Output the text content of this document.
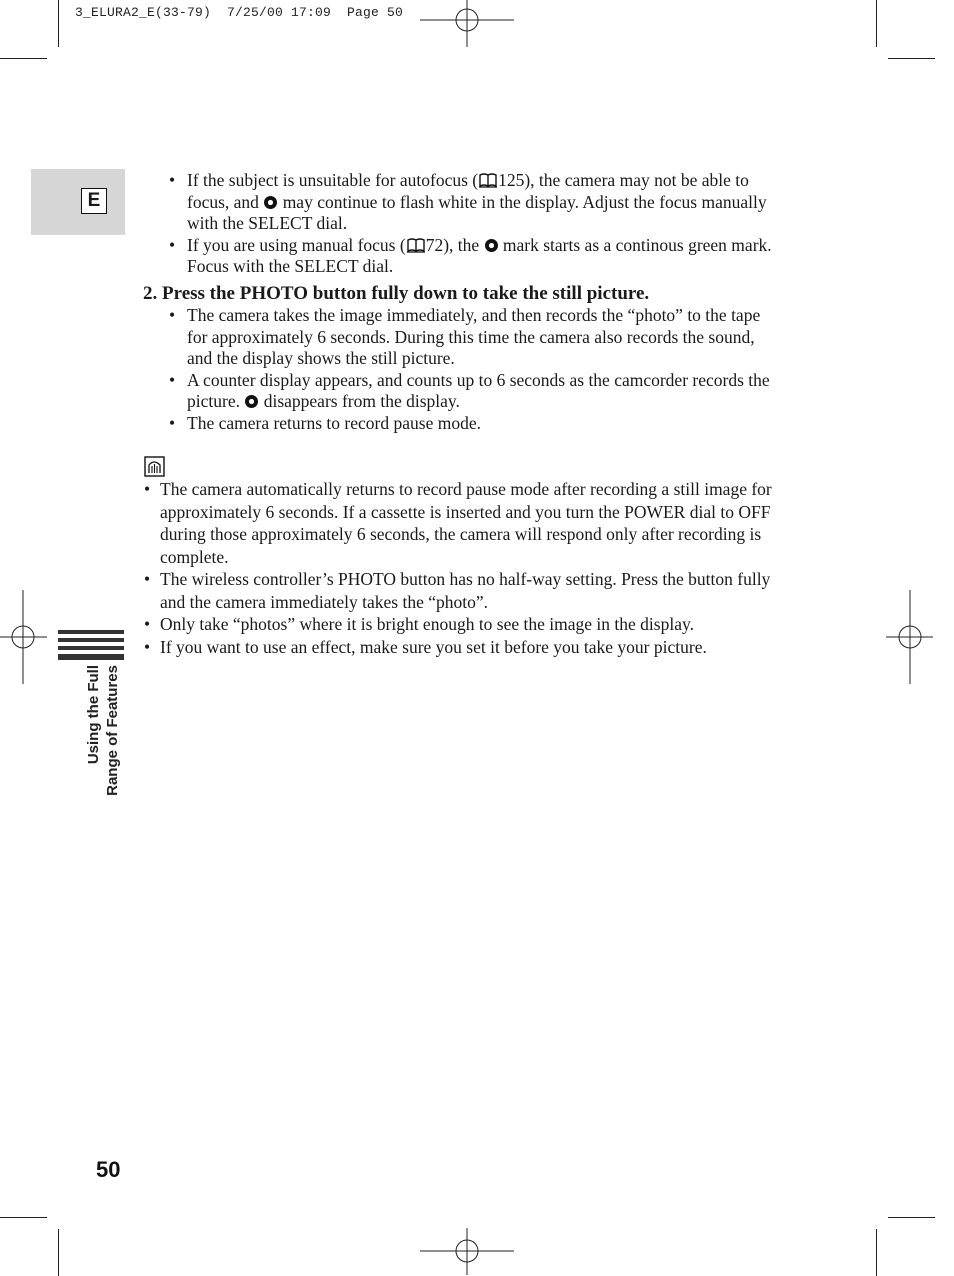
3_ELURA2_E(33-79)  7/25/00 17:09  Page 50
E
Using the Full Range of Features
50
• If the subject is unsuitable for autofocus ( 125), the camera may not be able to focus, and  may continue to flash white in the display. Adjust the focus manually with the SELECT dial.
• If you are using manual focus ( 72), the  mark starts as a continous green mark. Focus with the SELECT dial.
2. Press the PHOTO button fully down to take the still picture.
• The camera takes the image immediately, and then records the “photo” to the tape for approximately 6 seconds. During this time the camera also records the sound, and the display shows the still picture.
• A counter display appears, and counts up to 6 seconds as the camcorder records the picture.  disappears from the display.
• The camera returns to record pause mode.
• The camera automatically returns to record pause mode after recording a still image for approximately 6 seconds. If a cassette is inserted and you turn the POWER dial to OFF during those approximately 6 seconds, the camera will respond only after recording is complete.
• The wireless controller’s PHOTO button has no half-way setting. Press the button fully and the camera immediately takes the “photo”.
• Only take “photos” where it is bright enough to see the image in the display.
• If you want to use an effect, make sure you set it before you take your picture.
